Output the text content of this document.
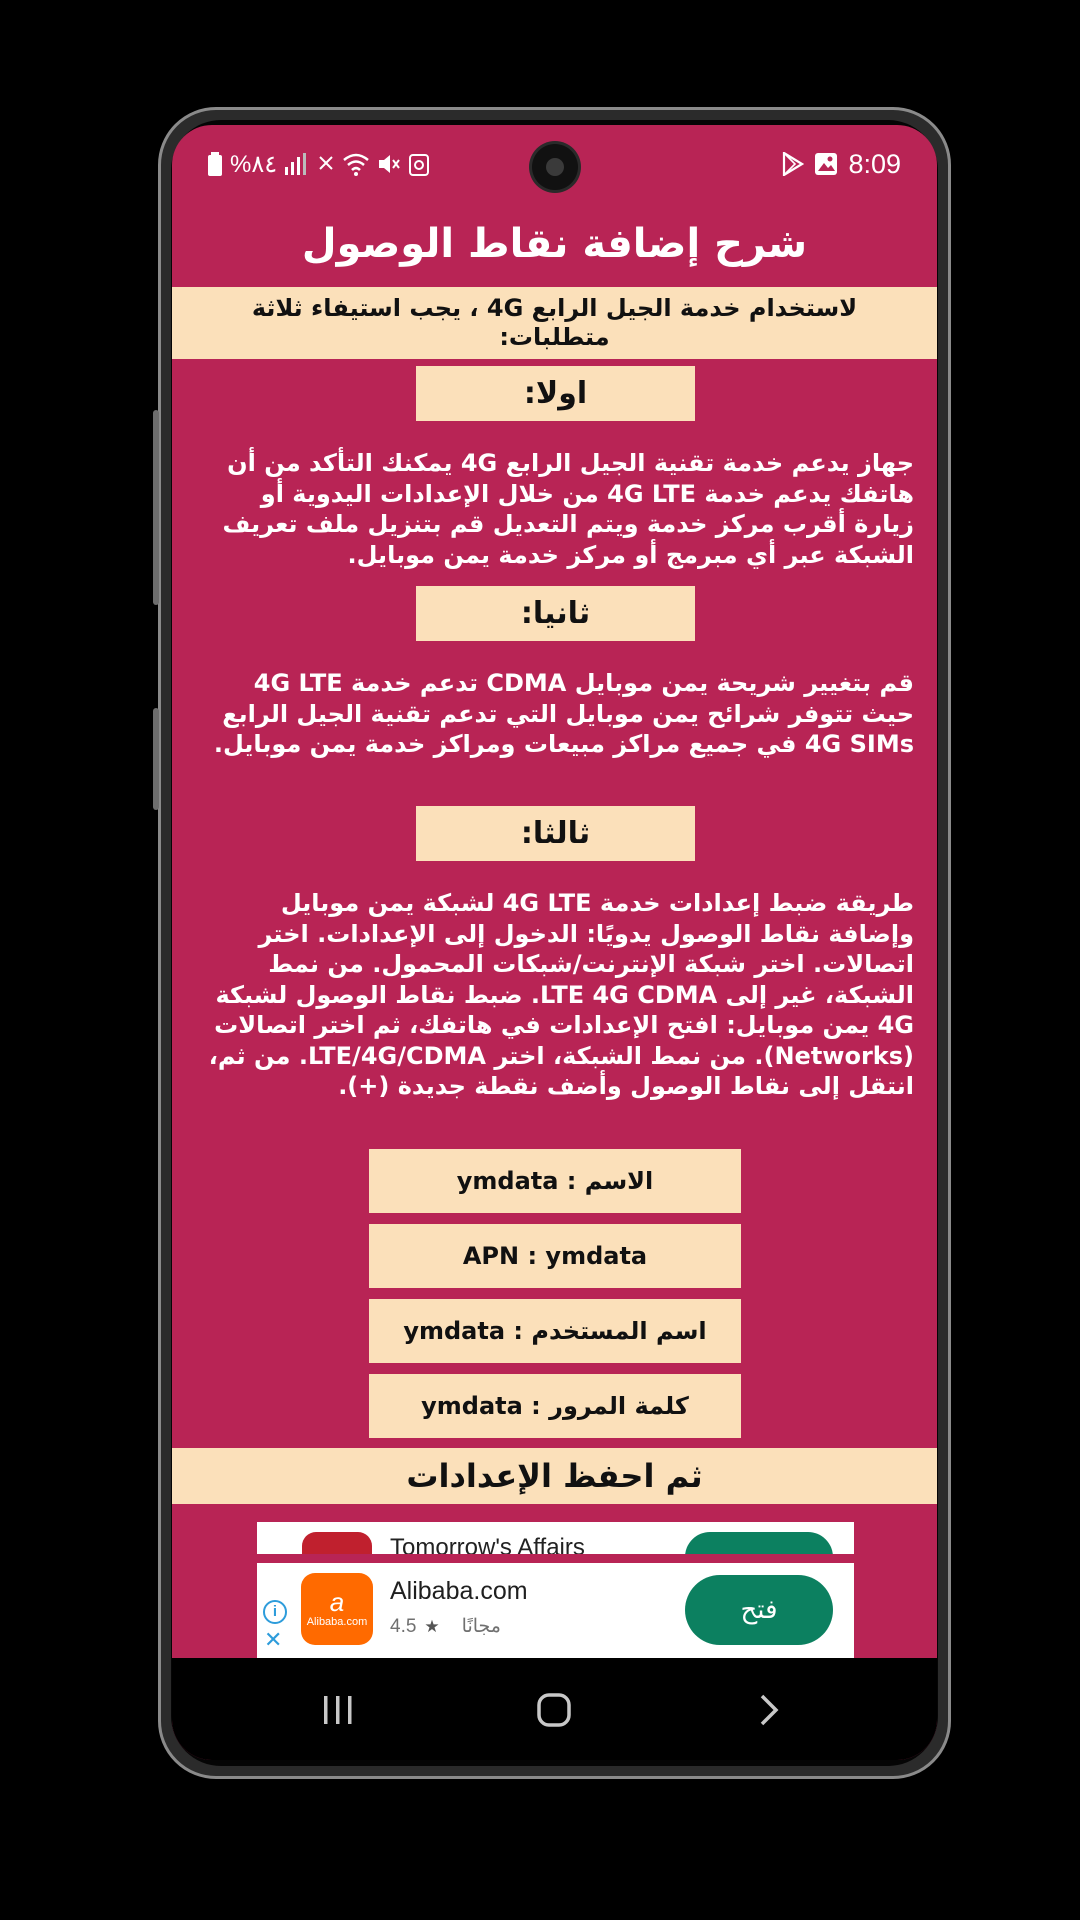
%٨٤	8:09
شرح إضافة نقاط الوصول
لاستخدام خدمة الجيل الرابع 4G ، يجب استيفاء ثلاثة متطلبات:
اولا:
جهاز يدعم خدمة تقنية الجيل الرابع 4G يمكنك التأكد من أن هاتفك يدعم خدمة 4G LTE من خلال الإعدادات اليدوية أو زيارة أقرب مركز خدمة ويتم التعديل قم بتنزيل ملف تعريف الشبكة عبر أي مبرمج أو مركز خدمة يمن موبايل.
ثانيا:
قم بتغيير شريحة يمن موبايل CDMA تدعم خدمة 4G LTE حيث تتوفر شرائح يمن موبايل التي تدعم تقنية الجيل الرابع 4G SIMs في جميع مراكز مبيعات ومراكز خدمة يمن موبايل.
ثالثا:
طريقة ضبط إعدادات خدمة 4G LTE لشبكة يمن موبايل وإضافة نقاط الوصول يدويًا: الدخول إلى الإعدادات. اختر اتصالات. اختر شبكة الإنترنت/شبكات المحمول. من نمط الشبكة، غير إلى LTE 4G CDMA. ضبط نقاط الوصول لشبكة 4G يمن موبايل: افتح الإعدادات في هاتفك، ثم اختر اتصالات (Networks). من نمط الشبكة، اختر LTE/4G/CDMA. من ثم، انتقل إلى نقاط الوصول وأضف نقطة جديدة (+).
الاسم : ymdata
APN : ymdata
اسم المستخدم : ymdata
كلمة المرور : ymdata
ثم احفظ الإعدادات
Tomorrow's Affairs
i
✕
a
Alibaba.com
Alibaba.com
4.5 ★ مجانًا
فتح
